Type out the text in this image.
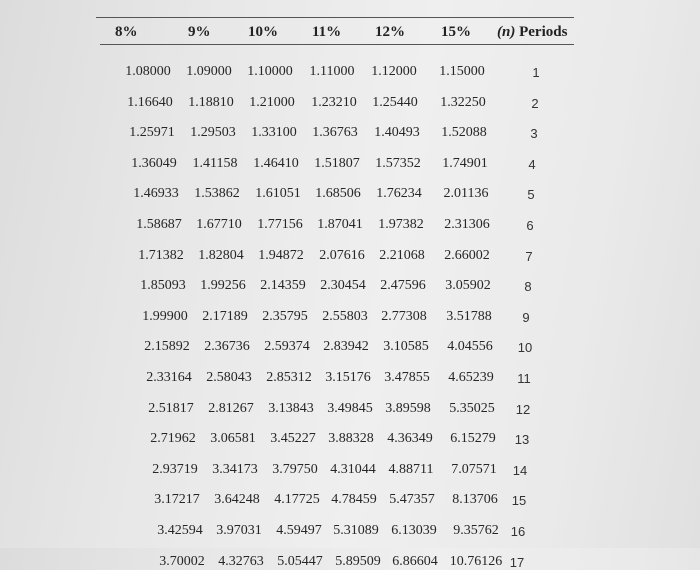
8%	9%	10% 11% 12% 15% (n) Periods
1.08000 1.09000 1.10000 1.11000 1.12000 1.15000	1
1.16640 1.18810 1.21000 1.23210 1.25440 1.32250	2
1.25971 1.29503 1.33100 1.36763 1.40493 1.52088	3
1.36049 1.41158 1.46410 1.51807 1.57352 1.74901	4
1.46933 1.53862 1.61051 1.68506 1.76234 2.01136	5
1.58687 1.67710 1.77156 1.87041 1.97382 2.31306	6
1.71382 1.82804 1.94872 2.07616 2.21068 2.66002	7
1.85093 1.99256 2.14359 2.30454 2.47596 3.05902	8
1.99900 2.17189 2.35795 2.55803 2.77308 3.51788 9
2.15892 2.36736 2.59374 2.83942 3.10585 4.04556 10
2.33164 2.58043 2.85312 3.15176 3.47855 4.65239 11
2.51817 2.81267 3.13843 3.49845 3.89598 5.35025 12
2.71962 3.06581 3.45227 3.88328 4.36349 6.15279 13
2.93719 3.34173 3.79750 4.31044 4.88711 7.07571 14
3.17217 3.64248 4.17725 4.78459 5.47357 8.13706 15
3.42594 3.97031 4.59497 5.31089 6.13039 9.35762 16
3.70002 4.32763 5.05447 5.89509 6.86604 10.76126 17
